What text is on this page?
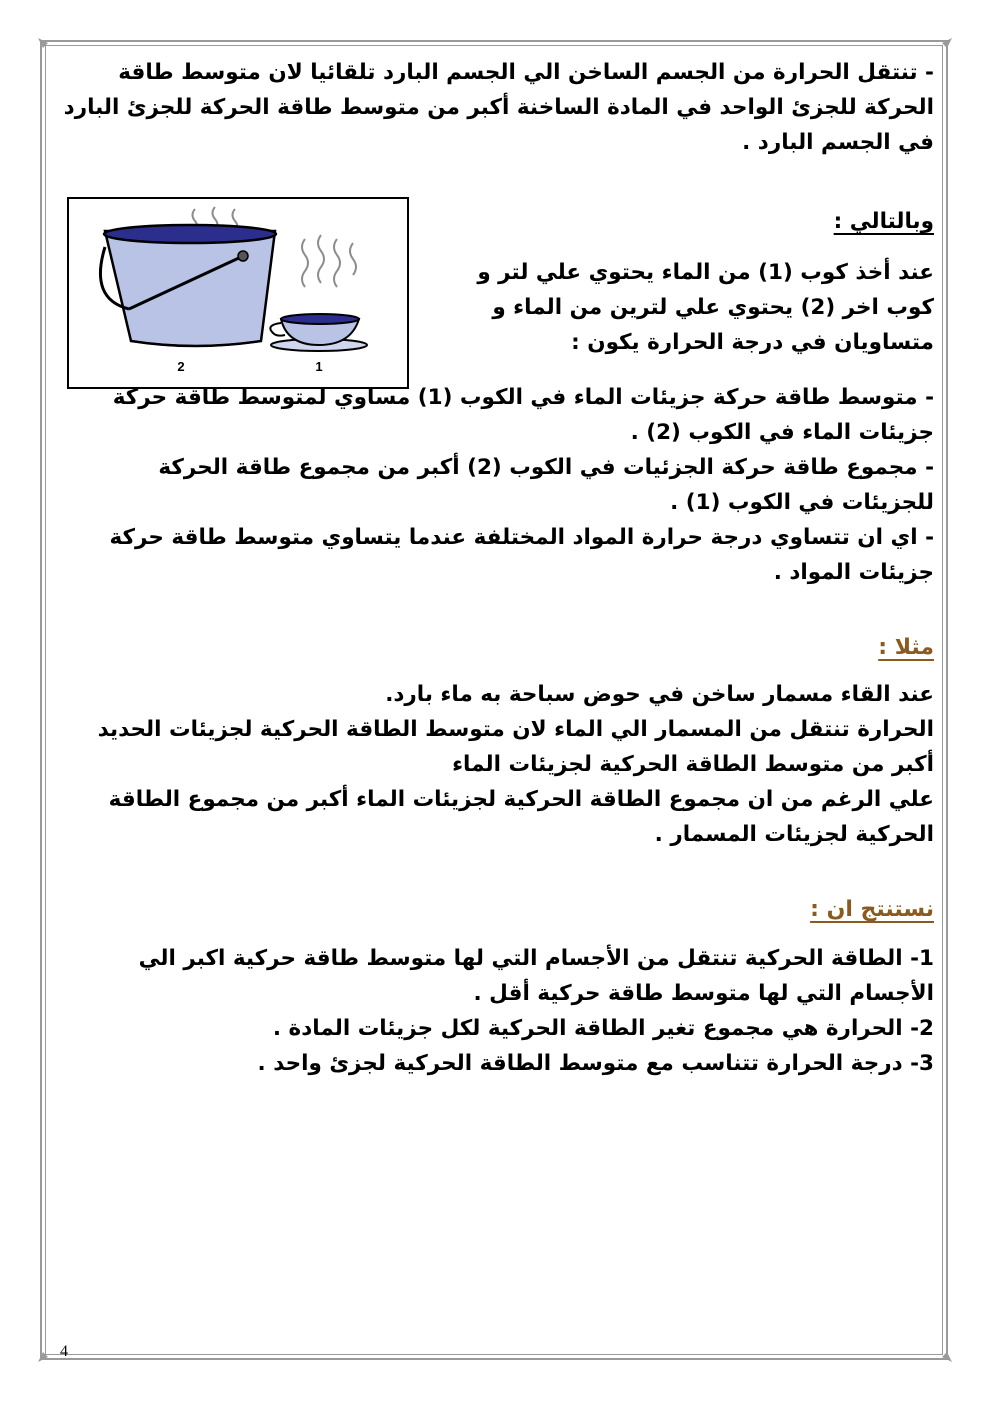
2	1

- تنتقل الحرارة من الجسم الساخن الي الجسم البارد تلقائيا لان متوسط طاقة الحركة للجزئ الواحد في المادة الساخنة أكبر من متوسط طاقة الحركة للجزئ البارد في الجسم البارد .

وبالتالي :

عند أخذ كوب (1) من الماء يحتوي علي لتر و

كوب اخر (2) يحتوي علي لترين من الماء و

متساويان في درجة الحرارة يكون :

- متوسط طاقة حركة جزيئات الماء في الكوب (1) مساوي لمتوسط طاقة حركة جزيئات الماء في الكوب (2) .

- مجموع طاقة حركة الجزئيات في الكوب (2) أكبر من مجموع طاقة الحركة للجزيئات في الكوب (1) .

- اي ان تتساوي درجة حرارة المواد المختلفة عندما يتساوي متوسط طاقة حركة جزيئات المواد .

مثلا :

عند القاء مسمار ساخن في حوض سباحة به ماء بارد.

الحرارة تنتقل من المسمار الي الماء لان متوسط الطاقة الحركية لجزيئات الحديد أكبر من متوسط الطاقة الحركية لجزيئات الماء

علي الرغم من ان مجموع الطاقة الحركية لجزيئات الماء أكبر من مجموع الطاقة الحركية لجزيئات المسمار .

نستنتج ان :

1- الطاقة الحركية تنتقل من الأجسام التي لها متوسط طاقة حركية اكبر الي الأجسام التي لها متوسط طاقة حركية أقل .

2- الحرارة هي مجموع تغير الطاقة الحركية لكل جزيئات المادة .

3- درجة الحرارة تتناسب مع متوسط الطاقة الحركية لجزئ واحد .

4
